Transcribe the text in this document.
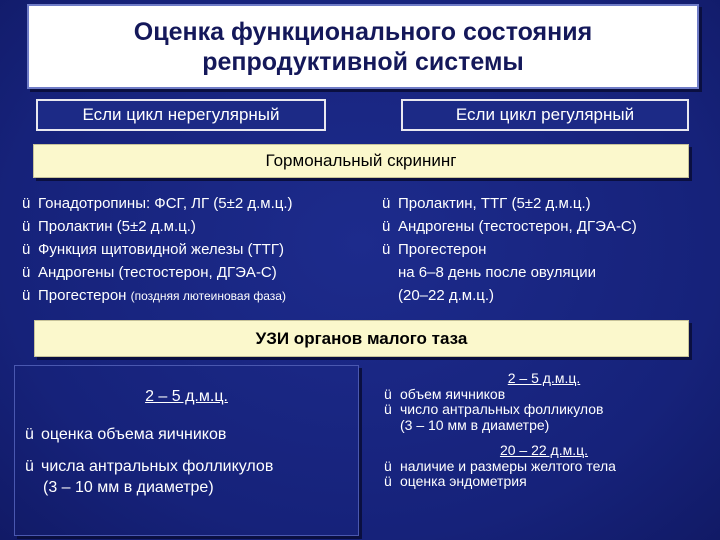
Оценка функционального состояния
репродуктивной системы
Если цикл нерегулярный	Если цикл регулярный
Гормональный скрининг
ü Гонадотропины: ФСГ, ЛГ (5±2 д.м.ц.)
ü Пролактин (5±2 д.м.ц.)
ü Функция щитовидной железы (ТТГ)
ü Андрогены (тестостерон, ДГЭА-С)
ü Прогестерон (поздняя лютеиновая фаза)
ü Пролактин, ТТГ (5±2 д.м.ц.)
ü Андрогены (тестостерон, ДГЭА-С)
ü Прогестерон
на 6–8 день после овуляции
(20–22 д.м.ц.)
УЗИ органов малого таза
2 – 5 д.м.ц.
ü оценка объема яичников
ü числа антральных фолликулов
(3 – 10 мм в диаметре)
2 – 5 д.м.ц.
ü объем яичников
ü число антральных фолликулов
(3 – 10 мм в диаметре)
20 – 22 д.м.ц.
ü наличие и размеры желтого тела
ü оценка эндометрия
